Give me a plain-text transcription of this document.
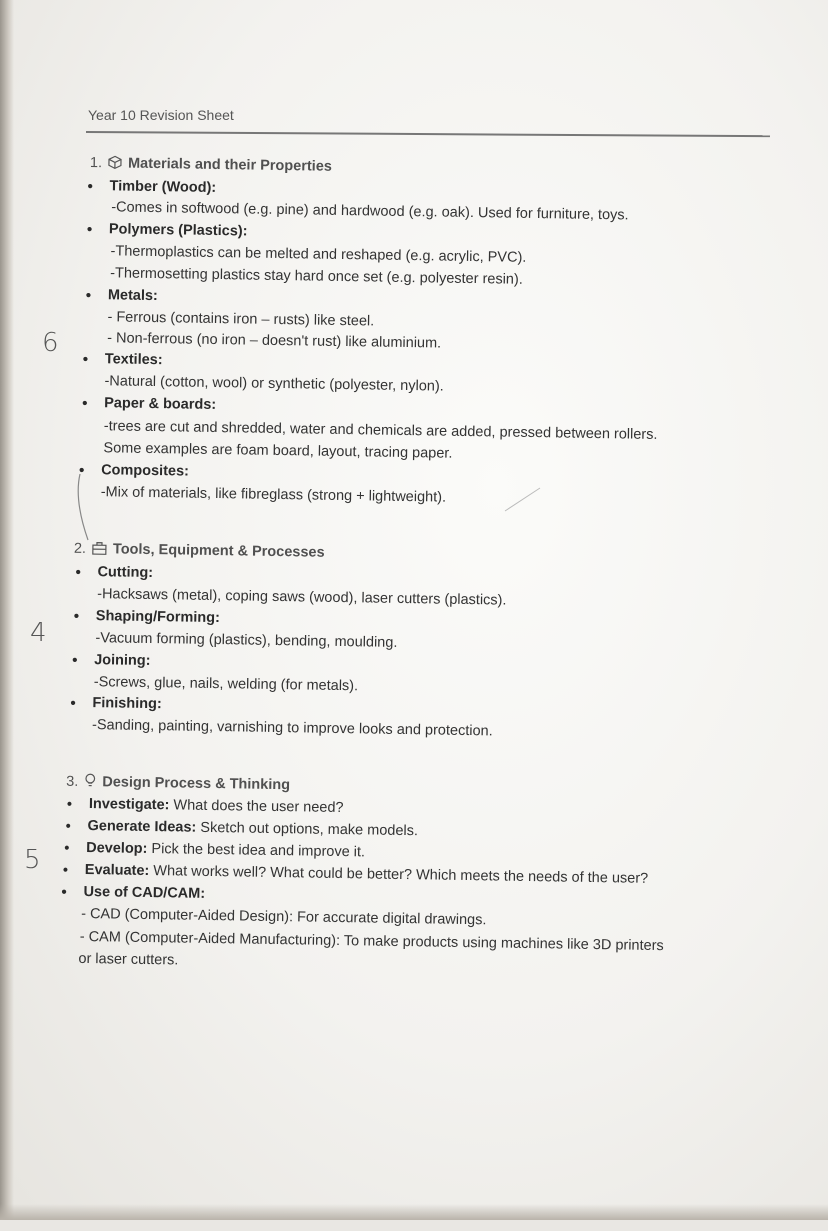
Year 10 Revision Sheet
6
4
5
1. Materials and their Properties
• Timber (Wood):
-Comes in softwood (e.g. pine) and hardwood (e.g. oak). Used for furniture, toys.
• Polymers (Plastics):
-Thermoplastics can be melted and reshaped (e.g. acrylic, PVC).
-Thermosetting plastics stay hard once set (e.g. polyester resin).
• Metals:
- Ferrous (contains iron – rusts) like steel.
- Non-ferrous (no iron – doesn't rust) like aluminium.
• Textiles:
-Natural (cotton, wool) or synthetic (polyester, nylon).
• Paper & boards:
-trees are cut and shredded, water and chemicals are added, pressed between rollers.
Some examples are foam board, layout, tracing paper.
• Composites:
-Mix of materials, like fibreglass (strong + lightweight).
2. Tools, Equipment & Processes
• Cutting:
-Hacksaws (metal), coping saws (wood), laser cutters (plastics).
• Shaping/Forming:
-Vacuum forming (plastics), bending, moulding.
• Joining:
-Screws, glue, nails, welding (for metals).
• Finishing:
-Sanding, painting, varnishing to improve looks and protection.
3. Design Process & Thinking
• Investigate: What does the user need?
• Generate Ideas: Sketch out options, make models.
• Develop: Pick the best idea and improve it.
• Evaluate: What works well? What could be better? Which meets the needs of the user?
• Use of CAD/CAM:
- CAD (Computer-Aided Design): For accurate digital drawings.
- CAM (Computer-Aided Manufacturing): To make products using machines like 3D printers
or laser cutters.
